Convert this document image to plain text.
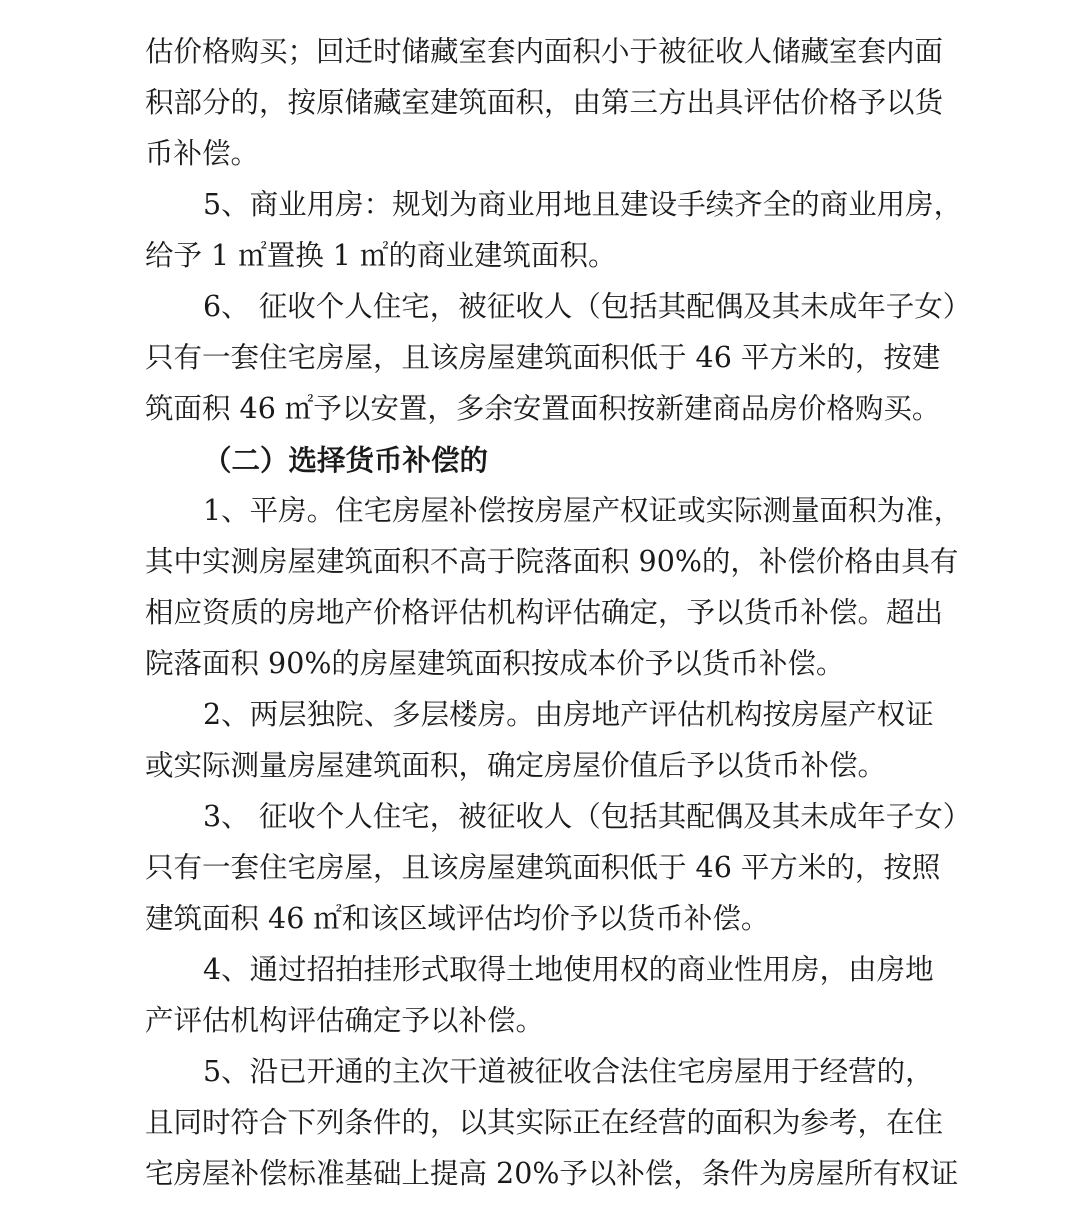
估价格购买；回迁时储藏室套内面积小于被征收人储藏室套内面
积部分的，按原储藏室建筑面积，由第三方出具评估价格予以货
币补偿。
5、商业用房：规划为商业用地且建设手续齐全的商业用房，
给予 1 ㎡置换 1 ㎡的商业建筑面积。
6、 征收个人住宅，被征收人（包括其配偶及其未成年子女）
只有一套住宅房屋，且该房屋建筑面积低于 46 平方米的，按建
筑面积 46 ㎡予以安置，多余安置面积按新建商品房价格购买。
（二）选择货币补偿的
1、平房。住宅房屋补偿按房屋产权证或实际测量面积为准，
其中实测房屋建筑面积不高于院落面积 90%的，补偿价格由具有
相应资质的房地产价格评估机构评估确定，予以货币补偿。超出
院落面积 90%的房屋建筑面积按成本价予以货币补偿。
2、两层独院、多层楼房。由房地产评估机构按房屋产权证
或实际测量房屋建筑面积，确定房屋价值后予以货币补偿。
3、 征收个人住宅，被征收人（包括其配偶及其未成年子女）
只有一套住宅房屋，且该房屋建筑面积低于 46 平方米的，按照
建筑面积 46 ㎡和该区域评估均价予以货币补偿。
4、通过招拍挂形式取得土地使用权的商业性用房，由房地
产评估机构评估确定予以补偿。
5、沿已开通的主次干道被征收合法住宅房屋用于经营的，
且同时符合下列条件的，以其实际正在经营的面积为参考，在住
宅房屋补偿标准基础上提高 20%予以补偿，条件为房屋所有权证
